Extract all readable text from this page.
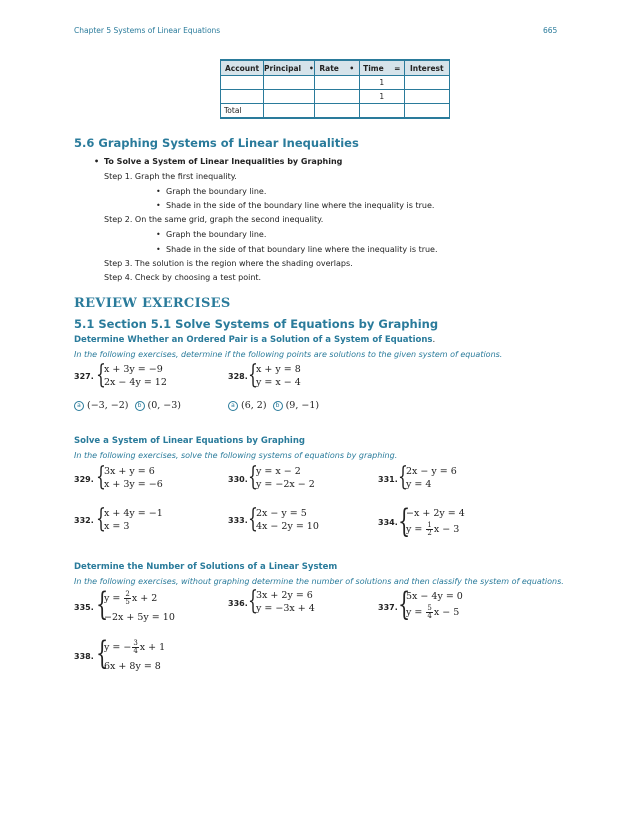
Chapter 5 Systems of Linear Equations	665
Account	Principal •	Rate •	Time =	Interest
			1	
			1	
Total				
5.6 Graphing Systems of Linear Inequalities
• To Solve a System of Linear Inequalities by Graphing
Step 1. Graph the first inequality.
• Graph the boundary line.
• Shade in the side of the boundary line where the inequality is true.
Step 2. On the same grid, graph the second inequality.
• Graph the boundary line.
• Shade in the side of that boundary line where the inequality is true.
Step 3. The solution is the region where the shading overlaps.
Step 4. Check by choosing a test point.
REVIEW EXERCISES
5.1 Section 5.1 Solve Systems of Equations by Graphing
Determine Whether an Ordered Pair is a Solution of a System of Equations.
In the following exercises, determine if the following points are solutions to the given system of equations.
327. {
x + 3y = −9
2x − 4y = 12
a (−3, −2) b (0, −3)
328. {
x + y = 8
y = x − 4
a (6, 2) b (9, −1)
Solve a System of Linear Equations by Graphing
In the following exercises, solve the following systems of equations by graphing.
329. {
3x + y = 6
x + 3y = −6	330. {
y = x − 2
y = −2x − 2	331. {
2x − y = 6
y = 4
332. {
x + 4y = −1
x = 3
333. {
2x − y = 5
4x − 2y = 10	334. {
−x + 2y = 4
$y = \frac{1}{2}$ x − 3
Determine the Number of Solutions of a Linear System
In the following exercises, without graphing determine the number of solutions and then classify the system of equations.
335. {
$y = \frac{2}{5}$ x + 2
−2x + 5y = 10
336. {
3x + 2y = 6
y = −3x + 4	337. {
5x − 4y = 0
$y = \frac{5}{4}$ x − 5
338. {
y = − $\frac{3}{4}$ x + 1
6x + 8y = 8
